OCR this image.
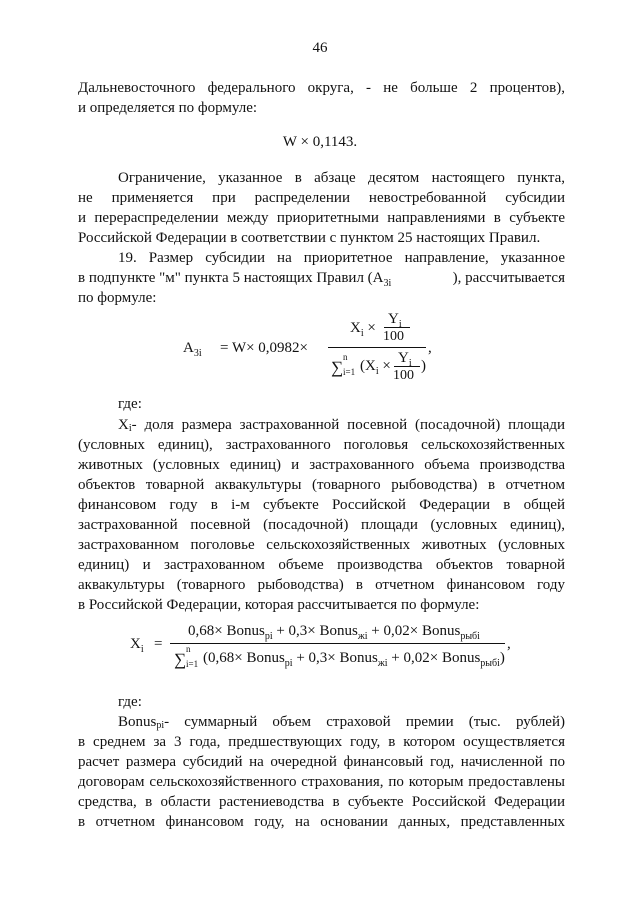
46
Дальневосточного федерального округа, - не больше 2 процентов),
и определяется по формуле:
W × 0,1143.
Ограничение, указанное в абзаце десятом настоящего пункта,
не применяется при распределении невостребованной субсидии
и перераспределении между приоритетными направлениями в субъекте
Российской Федерации в соответствии с пунктом 25 настоящих Правил.
19. Размер субсидии на приоритетное направление, указанное
в подпункте "м" пункта 5 настоящих Правил ($A_{3i}$	), рассчитывается
по формуле:
$A_{3i} = W\times 0,0982\times$
$X_i$ ×
$Y_i$
100
,
∑
n
i=1 ($X_i \times Y_i$
100
)
где:
X i - доля размера застрахованной посевной (посадочной) площади
(условных единиц), застрахованного поголовья сельскохозяйственных
животных (условных единиц) и застрахованного объема производства
объектов товарной аквакультуры (товарного рыбоводства) в отчетном
финансовом году в i-м субъекте Российской Федерации в общей
застрахованной посевной (посадочной) площади (условных единиц),
застрахованном поголовье сельскохозяйственных животных (условных
единиц) и застрахованном объеме производства объектов товарной
аквакультуры (товарного рыбоводства) в отчетном финансовом году
в Российской Федерации, которая рассчитывается по формуле:
$X_i$ =
0,68× Bonus$_{pi}$ + 0,3× Bonus$_{жi}$ + 0,02× Bonus$_{рыбi}$ ,
∑
n
i=1 (0,68× Bonus$_{pi}$ + 0,3× Bonus$_{жi}$ + 0,02× Bonus$_{рыбi}$)
где:
Bonus pi - суммарный объем страховой премии (тыс. рублей)
в среднем за 3 года, предшествующих году, в котором осуществляется
расчет размера субсидий на очередной финансовый год, начисленной по
договорам сельскохозяйственного страхования, по которым предоставлены
средства, в области растениеводства в субъекте Российской Федерации
в отчетном финансовом году, на основании данных, представленных
